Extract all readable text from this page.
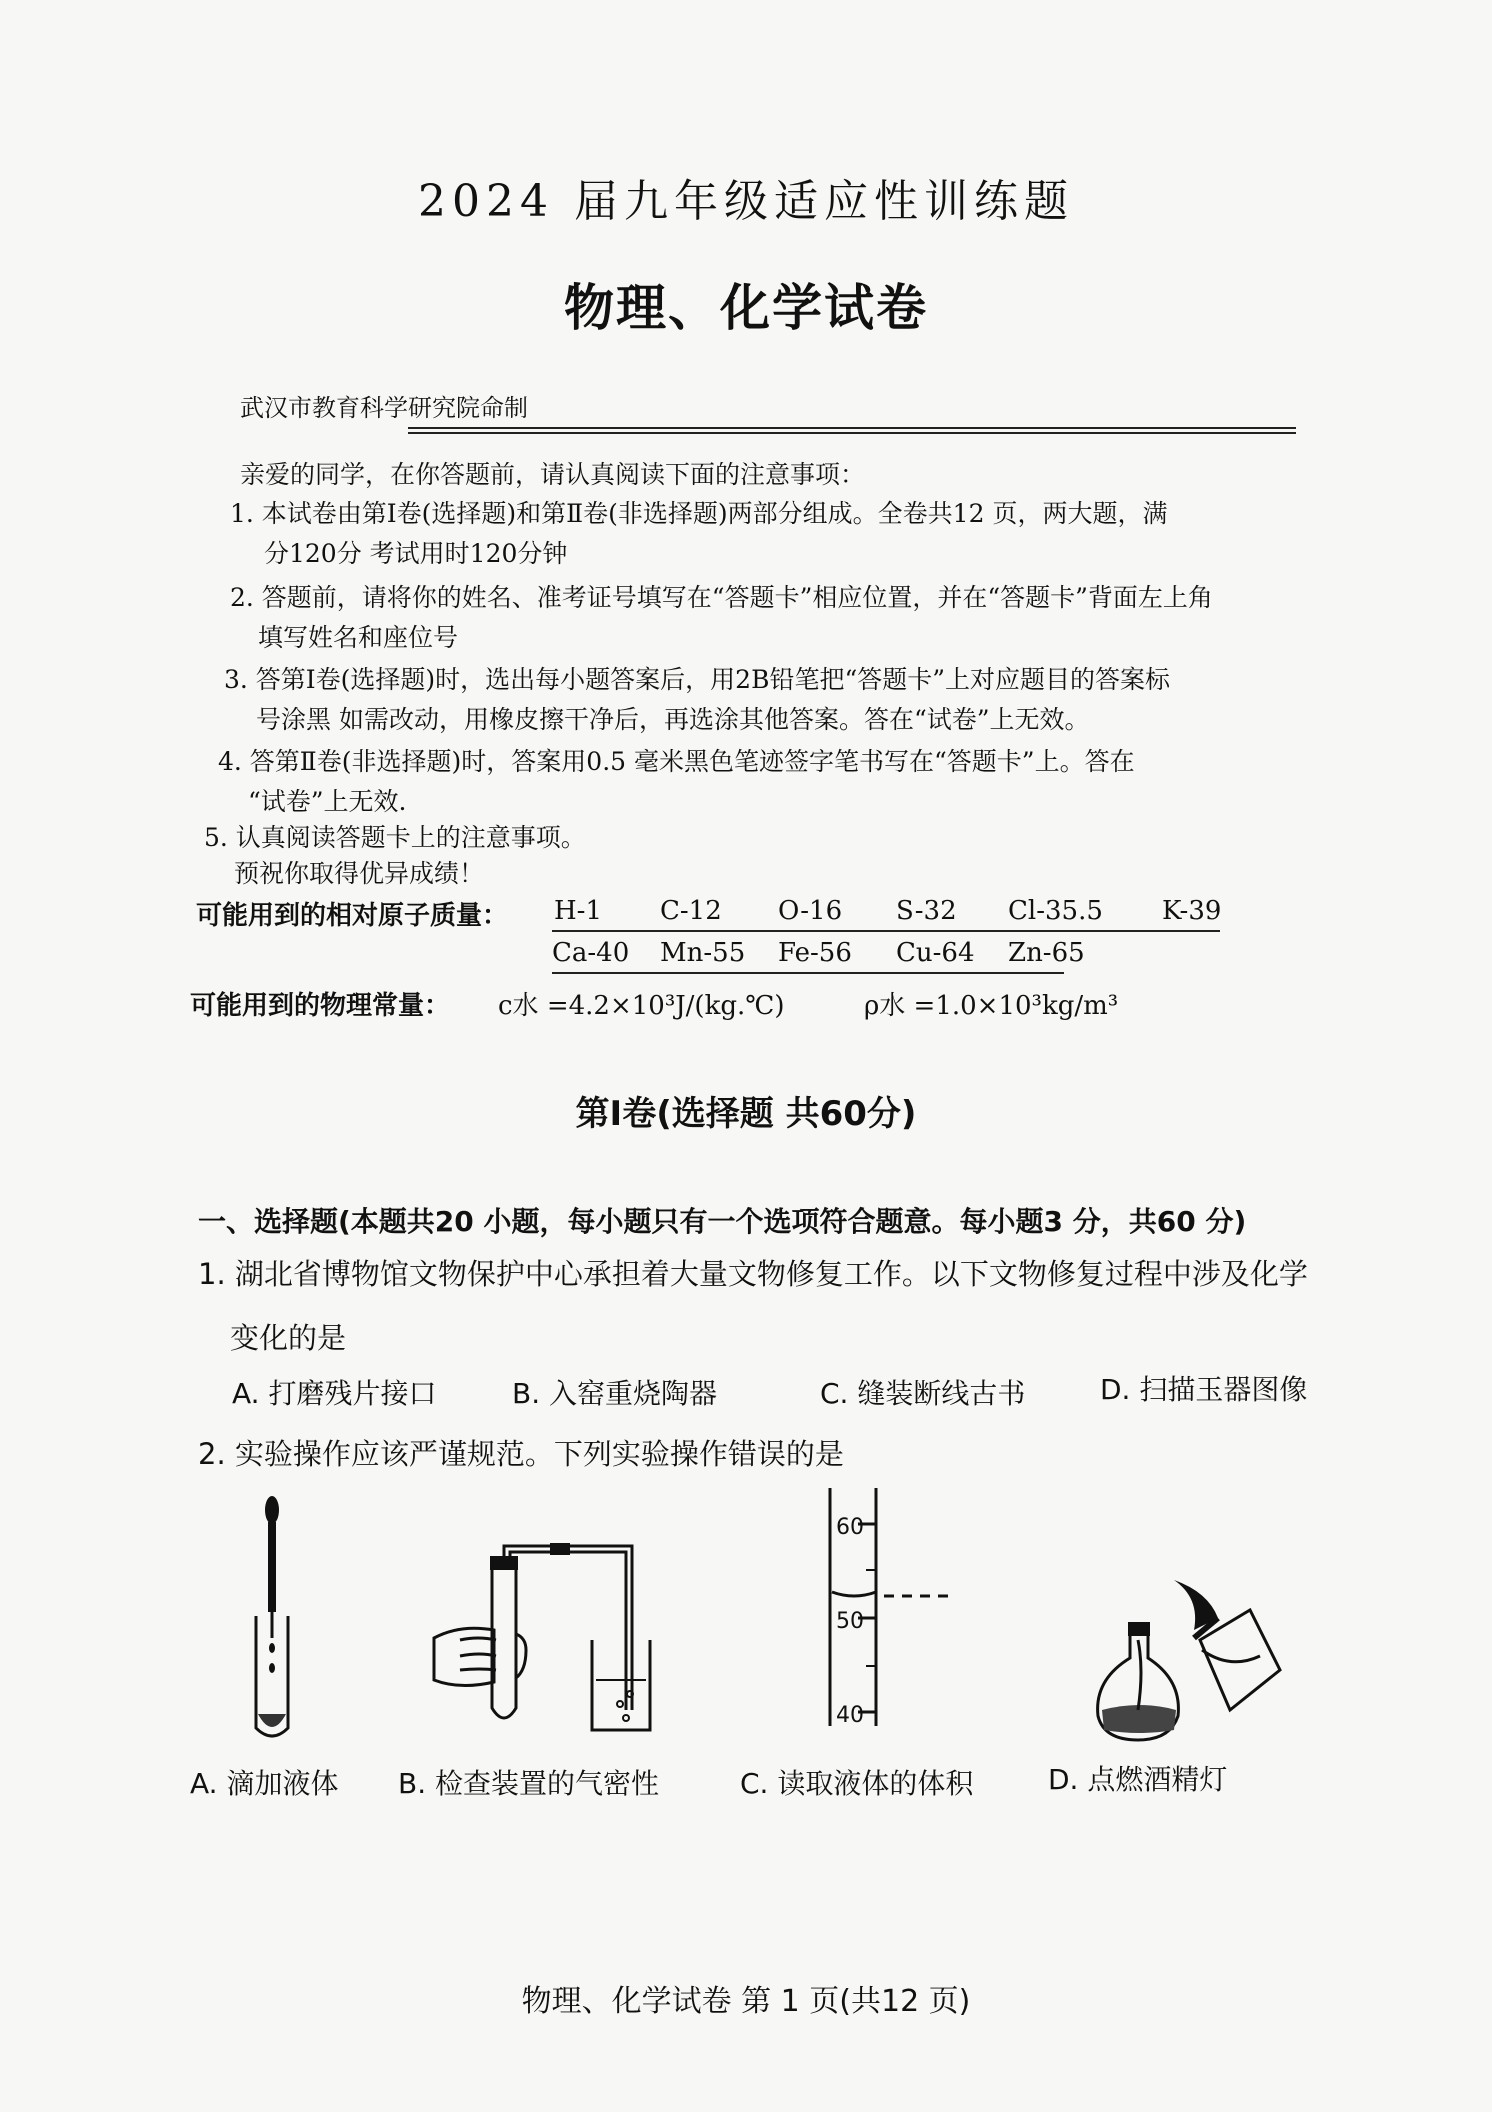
2024 届九年级适应性训练题
物理、化学试卷
武汉市教育科学研究院命制
亲爱的同学，在你答题前，请认真阅读下面的注意事项：
1. 本试卷由第Ⅰ卷(选择题)和第Ⅱ卷(非选择题)两部分组成。全卷共12 页，两大题，满
分120分 考试用时120分钟
2. 答题前，请将你的姓名、准考证号填写在“答题卡”相应位置，并在“答题卡”背面左上角
填写姓名和座位号
3. 答第Ⅰ卷(选择题)时，选出每小题答案后，用2B铅笔把“答题卡”上对应题目的答案标
号涂黑 如需改动，用橡皮擦干净后，再选涂其他答案。答在“试卷”上无效。
4. 答第Ⅱ卷(非选择题)时，答案用0.5 毫米黑色笔迹签字笔书写在“答题卡”上。答在
“试卷”上无效.
5. 认真阅读答题卡上的注意事项。
预祝你取得优异成绩！
可能用到的相对原子质量： H-1 C-12 O-16 S-32 Cl-35.5 K-39
Ca-40 Mn-55 Fe-56 Cu-64 Zn-65
可能用到的物理常量： c水 =4.2×10³J/(kg.℃)	ρ水 =1.0×10³kg/m³
第Ⅰ卷(选择题 共60分)
一、选择题(本题共20 小题，每小题只有一个选项符合题意。每小题3 分，共60 分)
1. 湖北省博物馆文物保护中心承担着大量文物修复工作。以下文物修复过程中涉及化学
变化的是
A. 打磨残片接口	B. 入窑重烧陶器	C. 缝装断线古书	D. 扫描玉器图像
2. 实验操作应该严谨规范。下列实验操作错误的是
60
50
40
A. 滴加液体 B. 检查装置的气密性	C. 读取液体的体积	D. 点燃酒精灯
物理、化学试卷 第 1 页(共12 页)
